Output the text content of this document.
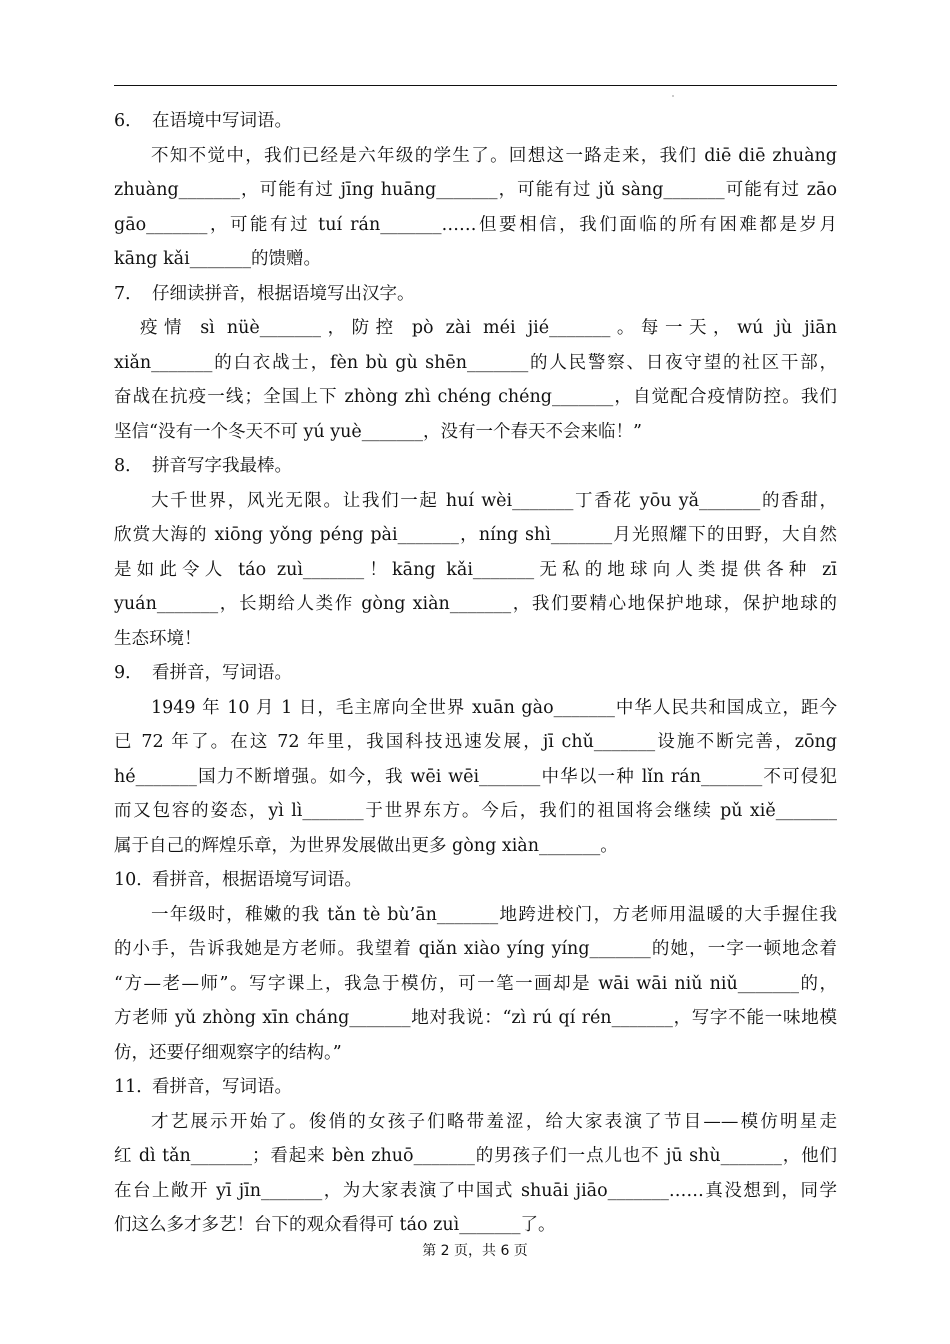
6． 在语境中写词语。
不知不觉中，我们已经是六年级的学生了。回想这一路走来，我们 diē diē zhuàng
zhuàng_______，可能有过 jīng huāng_______，可能有过 jǔ sàng_______可能有过 zāo
gāo_______，可能有过 tuí rán_______……但要相信，我们面临的所有困难都是岁月
kāng kǎi_______的馈赠。
7． 仔细读拼音，根据语境写出汉字。
疫情 sì nüè_______，防控 pò zài méi jié_______。每一天，wú jù jiān
xiǎn_______的白衣战士，fèn bù gù shēn_______的人民警察、日夜守望的社区干部，
奋战在抗疫一线；全国上下 zhòng zhì chéng chéng_______，自觉配合疫情防控。我们
坚信“没有一个冬天不可 yú yuè_______，没有一个春天不会来临！”
8． 拼音写字我最棒。
大千世界，风光无限。让我们一起 huí wèi_______丁香花 yōu yǎ_______的香甜，
欣赏大海的 xiōng yǒng péng pài_______，níng shì_______月光照耀下的田野，大自然
是如此令人 táo zuì_______！kāng kǎi_______无私的地球向人类提供各种 zī
yuán_______，长期给人类作 gòng xiàn_______，我们要精心地保护地球，保护地球的
生态环境！
9． 看拼音，写词语。
1949 年 10 月 1 日，毛主席向全世界 xuān gào_______中华人民共和国成立，距今
已 72 年了。在这 72 年里，我国科技迅速发展，jī chǔ_______设施不断完善，zōng
hé_______国力不断增强。如今，我 wēi wēi_______中华以一种 lǐn rán_______不可侵犯
而又包容的姿态，yì lì_______于世界东方。今后，我们的祖国将会继续 pǔ xiě_______
属于自己的辉煌乐章，为世界发展做出更多 gòng xiàn_______。
10．看拼音，根据语境写词语。
一年级时，稚嫩的我 tǎn tè bù’ān_______地跨进校门，方老师用温暖的大手握住我
的小手，告诉我她是方老师。我望着 qiǎn xiào yíng yíng_______的她，一字一顿地念着
“方—老—师”。写字课上，我急于模仿，可一笔一画却是 wāi wāi niǔ niǔ_______的，
方老师 yǔ zhòng xīn cháng_______地对我说：“zì rú qí rén_______，写字不能一味地模
仿，还要仔细观察字的结构。”
11．看拼音，写词语。
才艺展示开始了。俊俏的女孩子们略带羞涩，给大家表演了节目——模仿明星走
红 dì tǎn_______；看起来 bèn zhuō_______的男孩子们一点儿也不 jū shù_______，他们
在台上敞开 yī jīn_______，为大家表演了中国式 shuāi jiāo_______……真没想到，同学
们这么多才多艺！台下的观众看得可 táo zuì_______了。
第 2 页，共 6 页
